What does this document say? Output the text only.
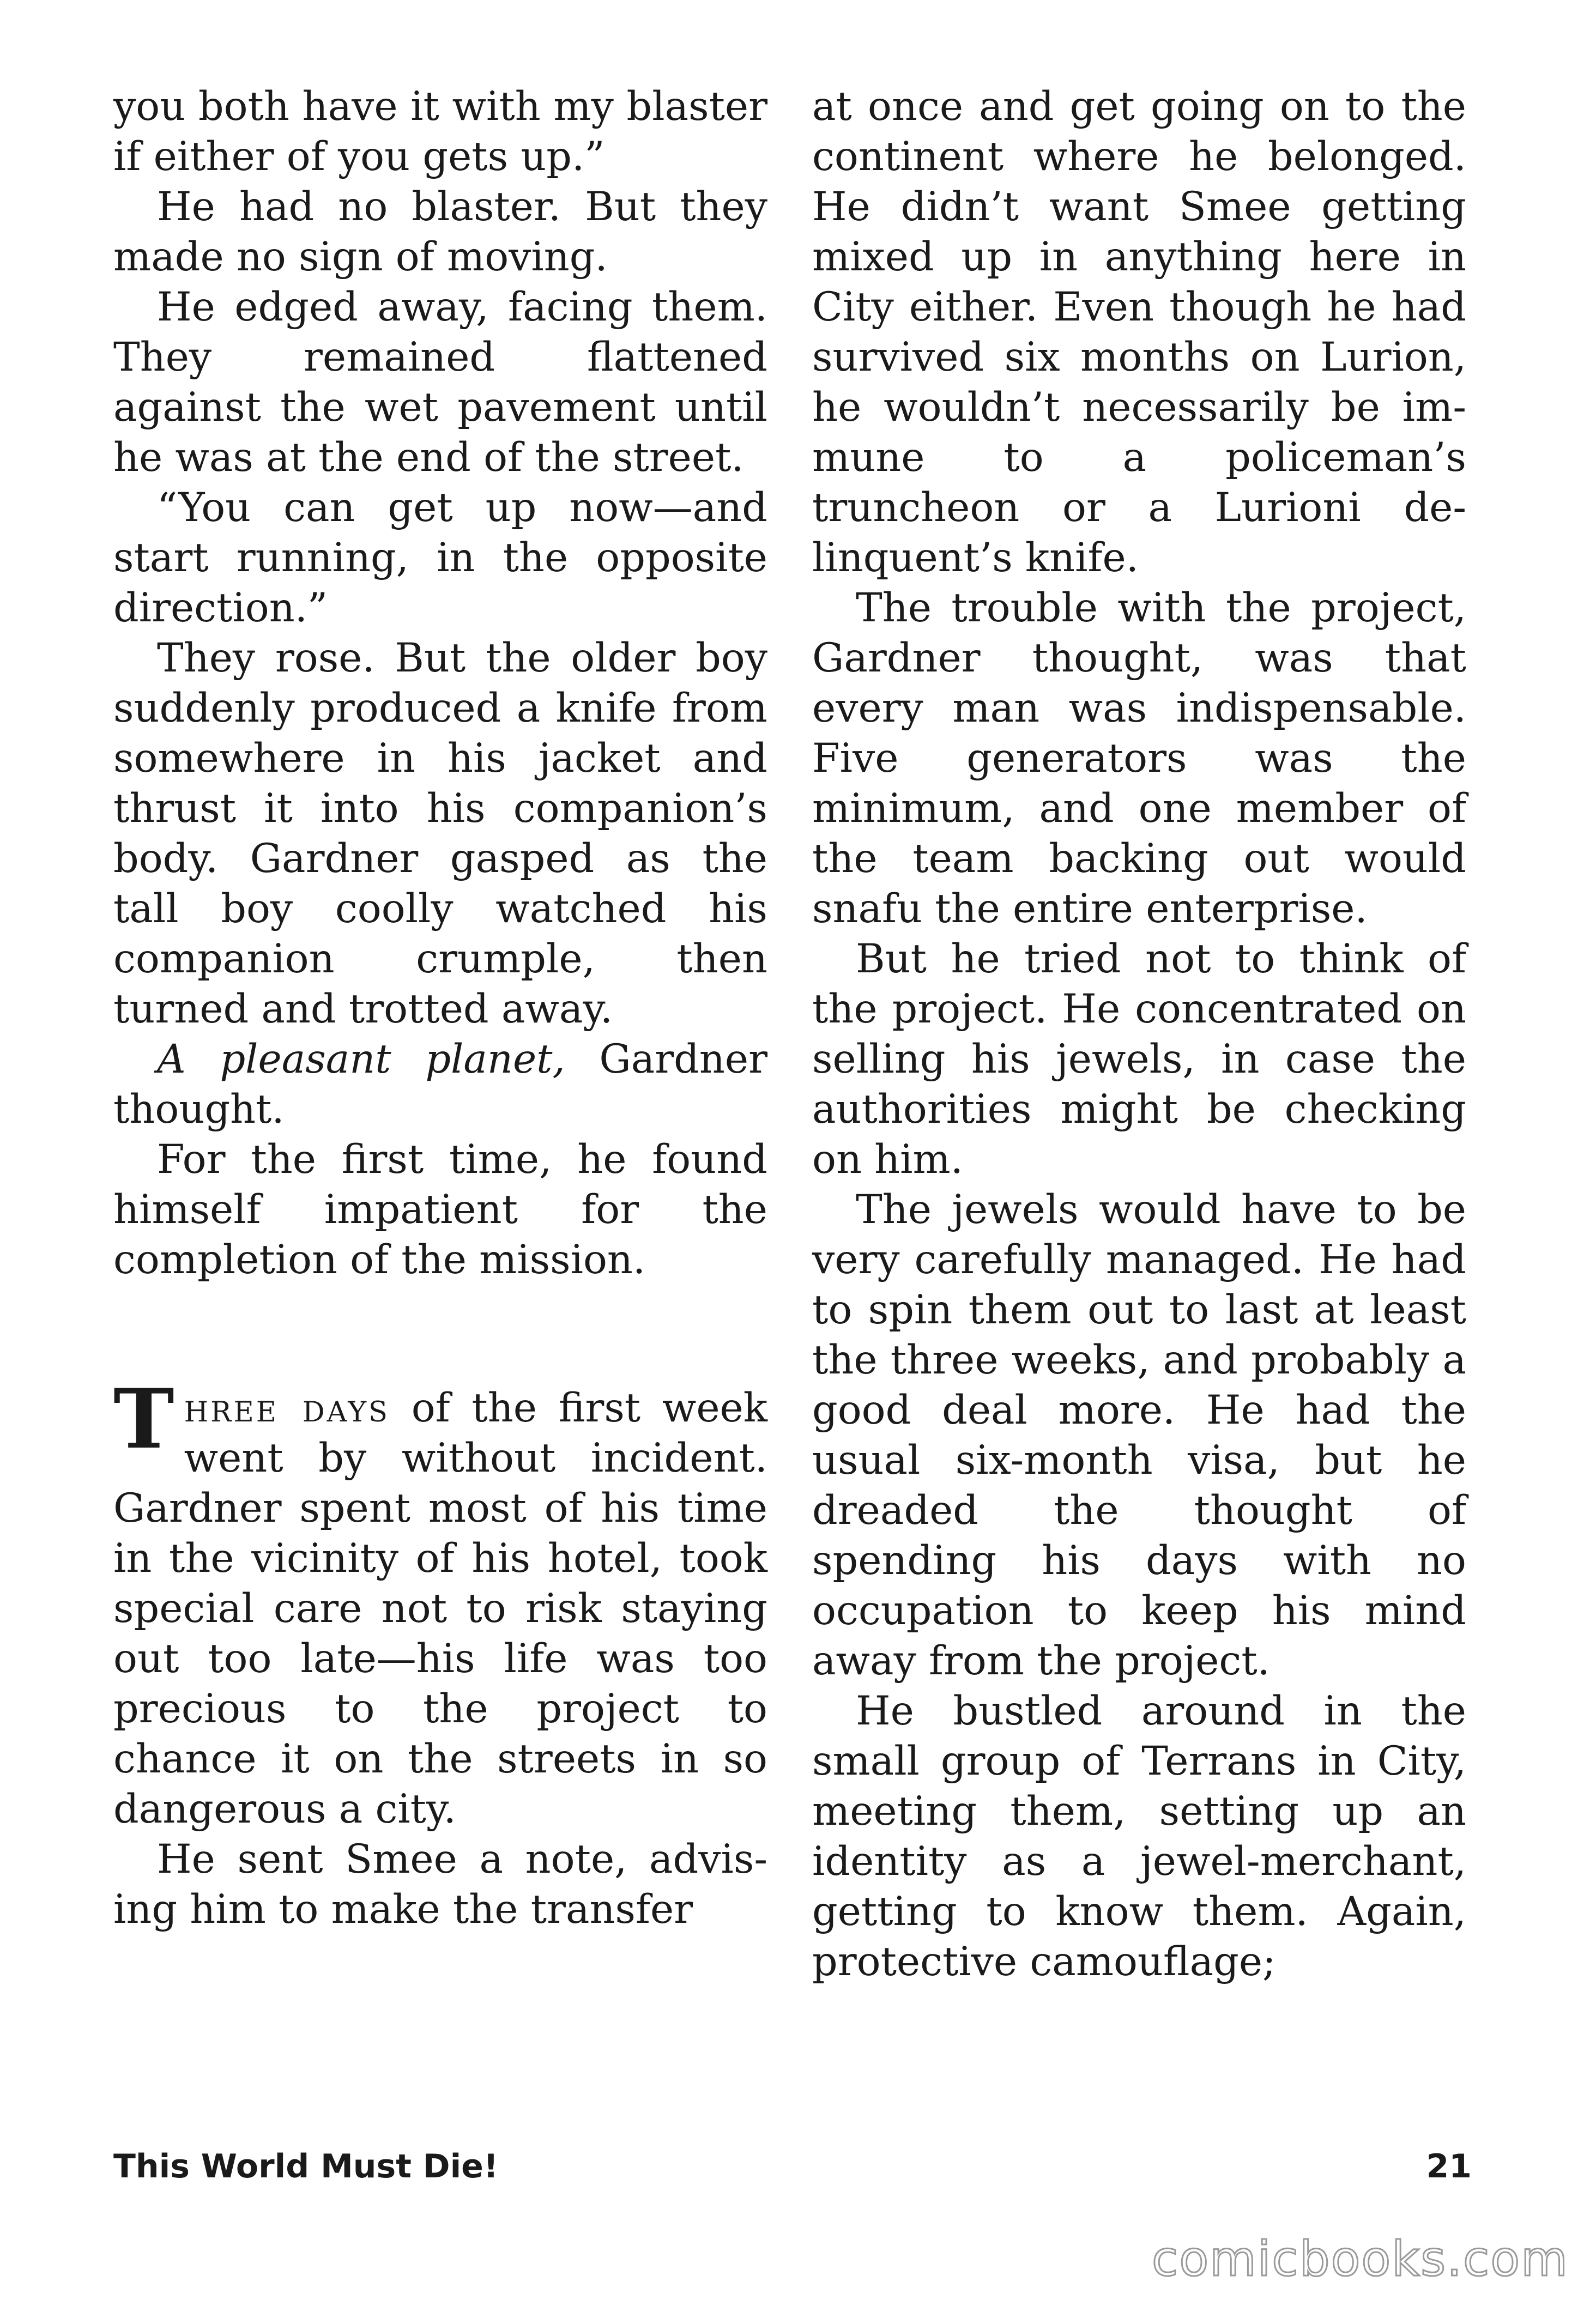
you both have it with my blaster if either of you gets up.”

He had no blaster. But they made no sign of moving.

He edged away, facing them. They remained flattened against the wet pavement until he was at the end of the street.

“You can get up now—and start running, in the opposite direction.”

They rose. But the older boy suddenly produced a knife from somewhere in his jacket and thrust it into his companion’s body. Gardner gasped as the tall boy coolly watched his companion crumple, then turned and trotted away.

A pleasant planet, Gardner thought.

For the first time, he found himself impatient for the completion of the mission.

Three days of the first week went by without incident. Gardner spent most of his time in the vicinity of his hotel, took special care not to risk staying out too late—his life was too precious to the project to chance it on the streets in so dangerous a city.

He sent Smee a note, advising him to make the transfer

at once and get going on to the continent where he belonged. He didn’t want Smee getting mixed up in anything here in City either. Even though he had survived six months on Lurion, he wouldn’t necessarily be immune to a policeman’s truncheon or a Lurioni delinquent’s knife.

The trouble with the project, Gardner thought, was that every man was indispensable. Five generators was the minimum, and one member of the team backing out would snafu the entire enterprise.

But he tried not to think of the project. He concentrated on selling his jewels, in case the authorities might be checking on him.

The jewels would have to be very carefully managed. He had to spin them out to last at least the three weeks, and probably a good deal more. He had the usual six-month visa, but he dreaded the thought of spending his days with no occupation to keep his mind away from the project.

He bustled around in the small group of Terrans in City, meeting them, setting up an identity as a jewel-merchant, getting to know them. Again, protective camouflage;

This World Must Die!	21
comicbooks.com
